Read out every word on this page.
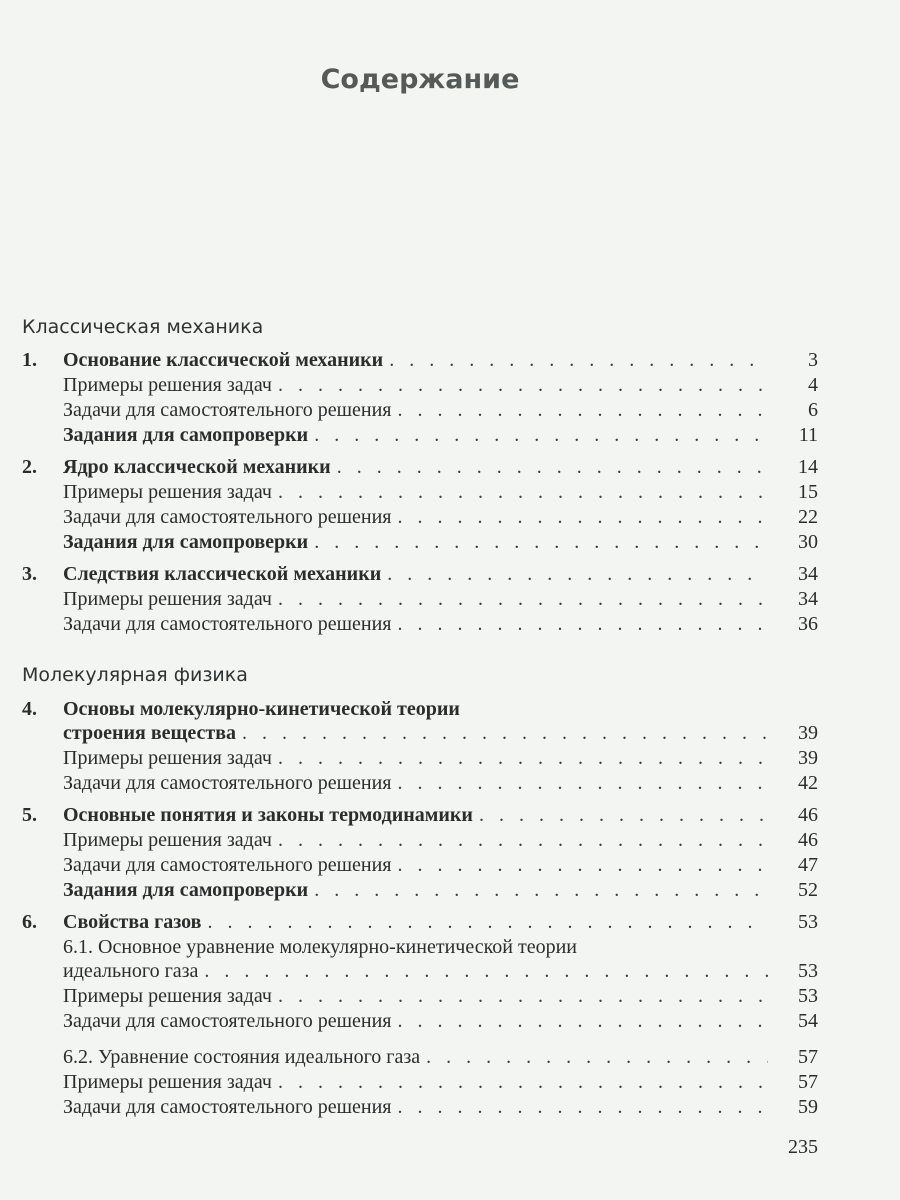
Содержание
Классическая механика
1. Основание классической механики . . .	3
Примеры решения задач . . .	4
Задачи для самостоятельного решения . . .	6
Задания для самопроверки . . .	11
2. Ядро классической механики . . .	14
Примеры решения задач . . .	15
Задачи для самостоятельного решения . . .	22
Задания для самопроверки . . .	30
3. Следствия классической механики . . .	34
Примеры решения задач . . .	34
Задачи для самостоятельного решения . . .	36
Молекулярная физика
4. Основы молекулярно-кинетической теории
строения вещества . . .	39
Примеры решения задач . . .	39
Задачи для самостоятельного решения . . .	42
5. Основные понятия и законы термодинамики . . .	46
Примеры решения задач . . .	46
Задачи для самостоятельного решения . . .	47
Задания для самопроверки . . .	52
6. Свойства газов . . .	53
6.1. Основное уравнение молекулярно-кинетической теории
идеального газа . . .	53
Примеры решения задач . . .	53
Задачи для самостоятельного решения . . .	54
6.2. Уравнение состояния идеального газа . . .	57
Примеры решения задач . . .	57
Задачи для самостоятельного решения . . .	59
235
